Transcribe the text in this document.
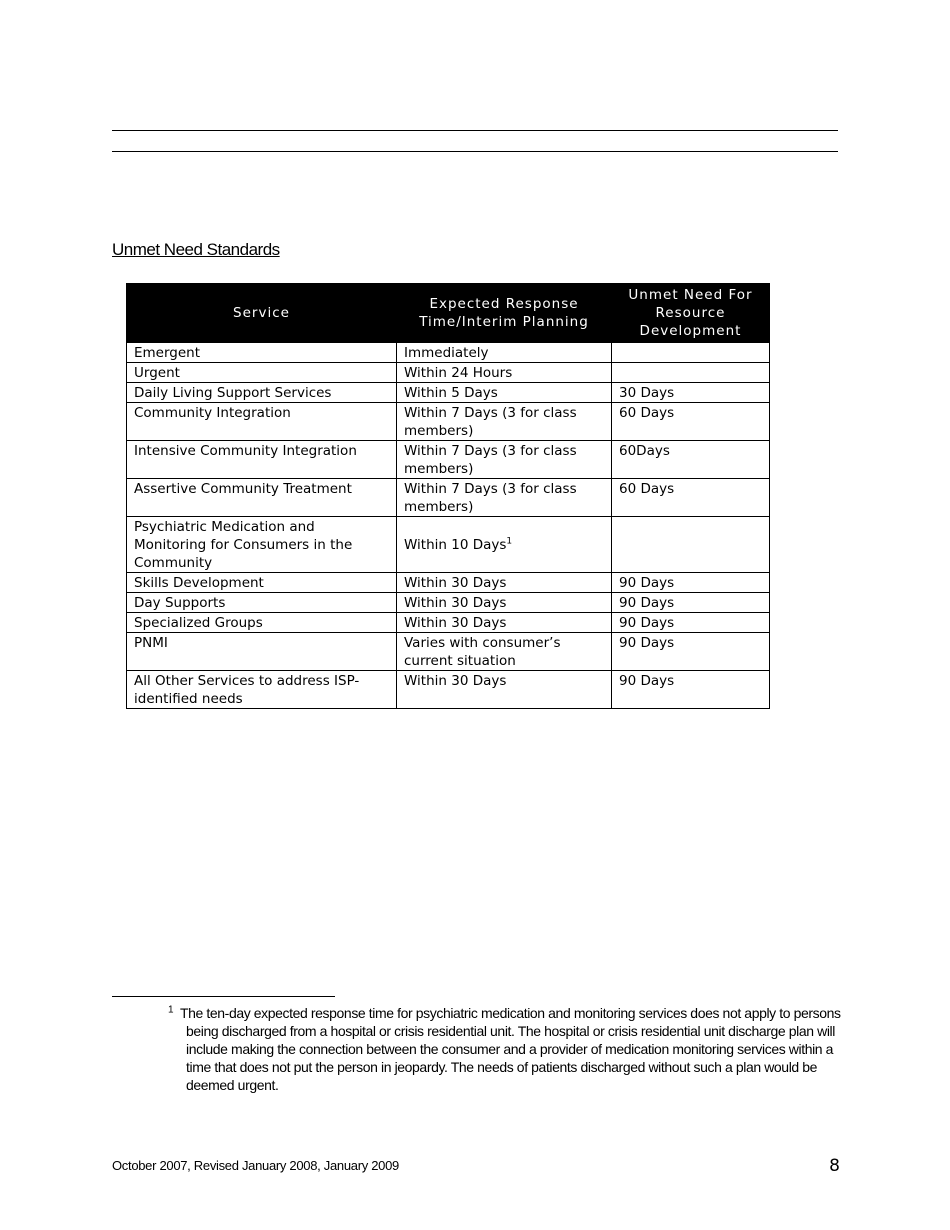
Unmet Need Standards
Service	Expected Response Time/Interim Planning	Unmet Need For Resource Development
Emergent	Immediately	
Urgent	Within 24 Hours	
Daily Living Support Services	Within 5 Days	30 Days
Community Integration	Within 7 Days (3 for class members)	60 Days
Intensive Community Integration	Within 7 Days (3 for class members)	60Days
Assertive Community Treatment	Within 7 Days (3 for class members)	60 Days
Psychiatric Medication and Monitoring for Consumers in the Community	Within 10 Days$^1$	
Skills Development	Within 30 Days	90 Days
Day Supports	Within 30 Days	90 Days
Specialized Groups	Within 30 Days	90 Days
PNMI	Varies with consumer’s current situation	90 Days
All Other Services to address ISP-identified needs	Within 30 Days	90 Days
$^1$ The ten-day expected response time for psychiatric medication and monitoring services does not apply to persons being discharged from a hospital or crisis residential unit. The hospital or crisis residential unit discharge plan will include making the connection between the consumer and a provider of medication monitoring services within a time that does not put the person in jeopardy. The needs of patients discharged without such a plan would be deemed urgent.
October 2007, Revised January 2008, January 2009	8
